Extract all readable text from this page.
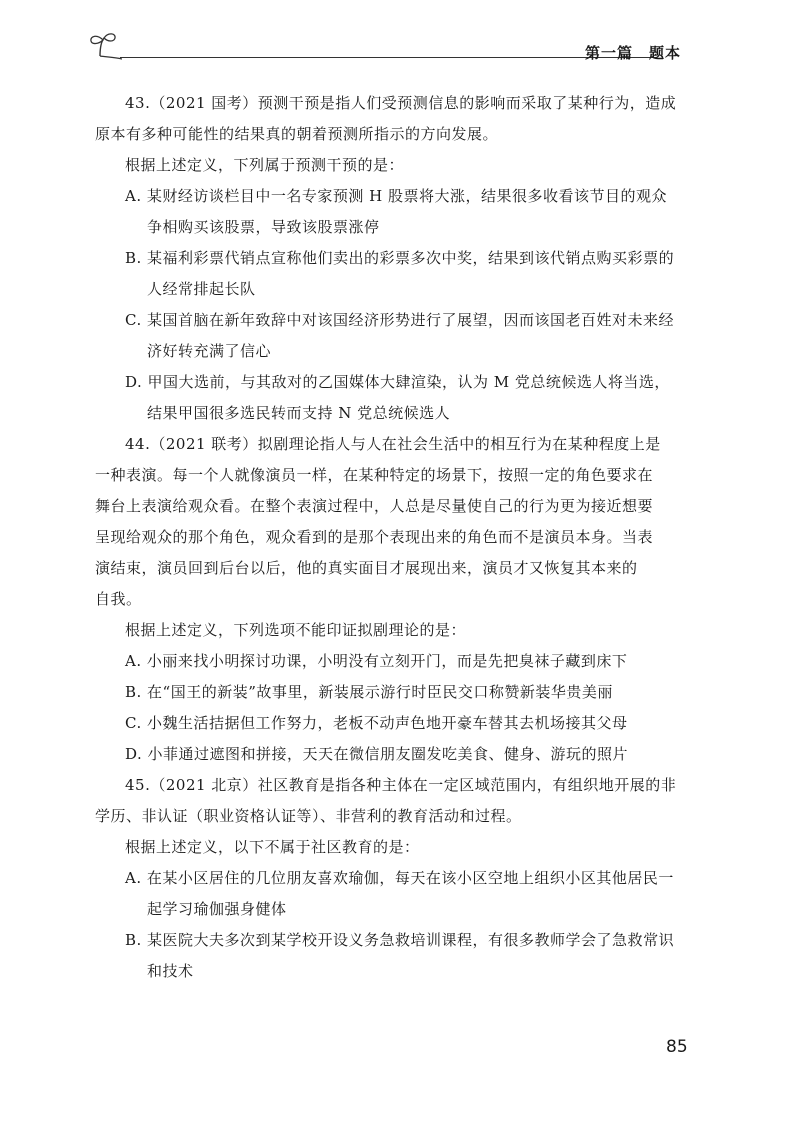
第一篇　题本
43.（2021 国考）预测干预是指人们受预测信息的影响而采取了某种行为，造成
原本有多种可能性的结果真的朝着预测所指示的方向发展。
根据上述定义，下列属于预测干预的是：
A. 某财经访谈栏目中一名专家预测 H 股票将大涨，结果很多收看该节目的观众
争相购买该股票，导致该股票涨停
B. 某福利彩票代销点宣称他们卖出的彩票多次中奖，结果到该代销点购买彩票的
人经常排起长队
C. 某国首脑在新年致辞中对该国经济形势进行了展望，因而该国老百姓对未来经
济好转充满了信心
D. 甲国大选前，与其敌对的乙国媒体大肆渲染，认为 M 党总统候选人将当选，
结果甲国很多选民转而支持 N 党总统候选人
44.（2021 联考）拟剧理论指人与人在社会生活中的相互行为在某种程度上是
一种表演。每一个人就像演员一样，在某种特定的场景下，按照一定的角色要求在
舞台上表演给观众看。在整个表演过程中，人总是尽量使自己的行为更为接近想要
呈现给观众的那个角色，观众看到的是那个表现出来的角色而不是演员本身。当表
演结束，演员回到后台以后，他的真实面目才展现出来，演员才又恢复其本来的
自我。
根据上述定义，下列选项不能印证拟剧理论的是：
A. 小丽来找小明探讨功课，小明没有立刻开门，而是先把臭袜子藏到床下
B. 在“国王的新装”故事里，新装展示游行时臣民交口称赞新装华贵美丽
C. 小魏生活拮据但工作努力，老板不动声色地开豪车替其去机场接其父母
D. 小菲通过遮图和拼接，天天在微信朋友圈发吃美食、健身、游玩的照片
45.（2021 北京）社区教育是指各种主体在一定区域范围内，有组织地开展的非
学历、非认证（职业资格认证等）、非营利的教育活动和过程。
根据上述定义，以下不属于社区教育的是：
A. 在某小区居住的几位朋友喜欢瑜伽，每天在该小区空地上组织小区其他居民一
起学习瑜伽强身健体
B. 某医院大夫多次到某学校开设义务急救培训课程，有很多教师学会了急救常识
和技术
85
